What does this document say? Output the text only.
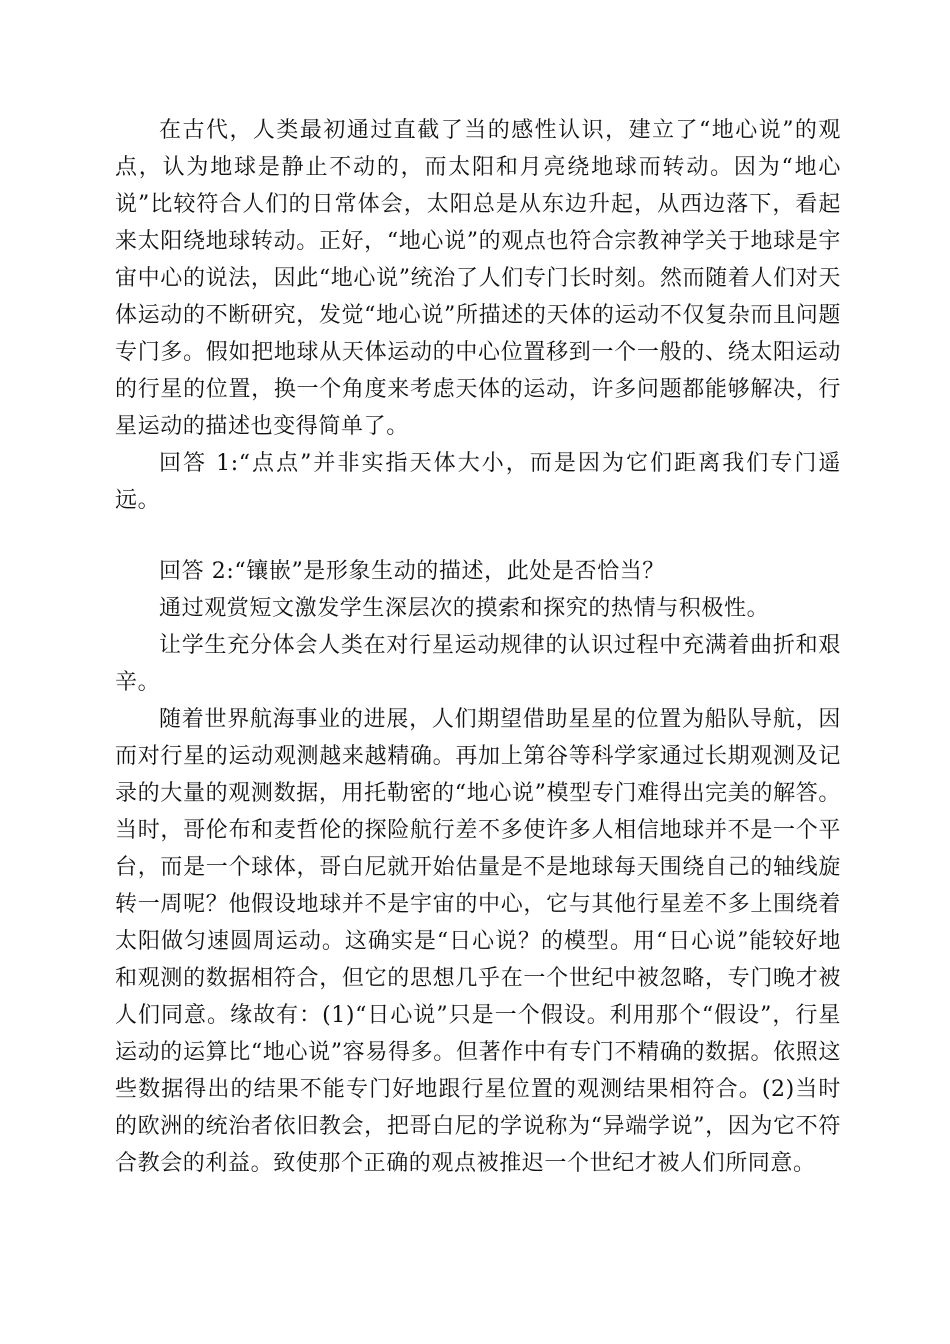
在古代，人类最初通过直截了当的感性认识，建立了“地心说”的观点，认为地球是静止不动的，而太阳和月亮绕地球而转动。因为“地心说”比较符合人们的日常体会，太阳总是从东边升起，从西边落下，看起来太阳绕地球转动。正好，“地心说”的观点也符合宗教神学关于地球是宇宙中心的说法，因此“地心说”统治了人们专门长时刻。然而随着人们对天体运动的不断研究，发觉“地心说”所描述的天体的运动不仅复杂而且问题专门多。假如把地球从天体运动的中心位置移到一个一般的、绕太阳运动的行星的位置，换一个角度来考虑天体的运动，许多问题都能够解决，行星运动的描述也变得简单了。

回答 1:“点点”并非实指天体大小，而是因为它们距离我们专门遥远。

回答 2:“镶嵌”是形象生动的描述，此处是否恰当？

通过观赏短文激发学生深层次的摸索和探究的热情与积极性。

让学生充分体会人类在对行星运动规律的认识过程中充满着曲折和艰辛。

随着世界航海事业的进展，人们期望借助星星的位置为船队导航，因而对行星的运动观测越来越精确。再加上第谷等科学家通过长期观测及记录的大量的观测数据，用托勒密的“地心说”模型专门难得出完美的解答。当时，哥伦布和麦哲伦的探险航行差不多使许多人相信地球并不是一个平台，而是一个球体，哥白尼就开始估量是不是地球每天围绕自己的轴线旋转一周呢？他假设地球并不是宇宙的中心，它与其他行星差不多上围绕着太阳做匀速圆周运动。这确实是“日心说？的模型。用“日心说”能较好地和观测的数据相符合，但它的思想几乎在一个世纪中被忽略，专门晚才被人们同意。缘故有：(1)“日心说”只是一个假设。利用那个“假设”，行星运动的运算比“地心说”容易得多。但著作中有专门不精确的数据。依照这些数据得出的结果不能专门好地跟行星位置的观测结果相符合。(2)当时的欧洲的统治者依旧教会，把哥白尼的学说称为“异端学说”，因为它不符合教会的利益。致使那个正确的观点被推迟一个世纪才被人们所同意。
